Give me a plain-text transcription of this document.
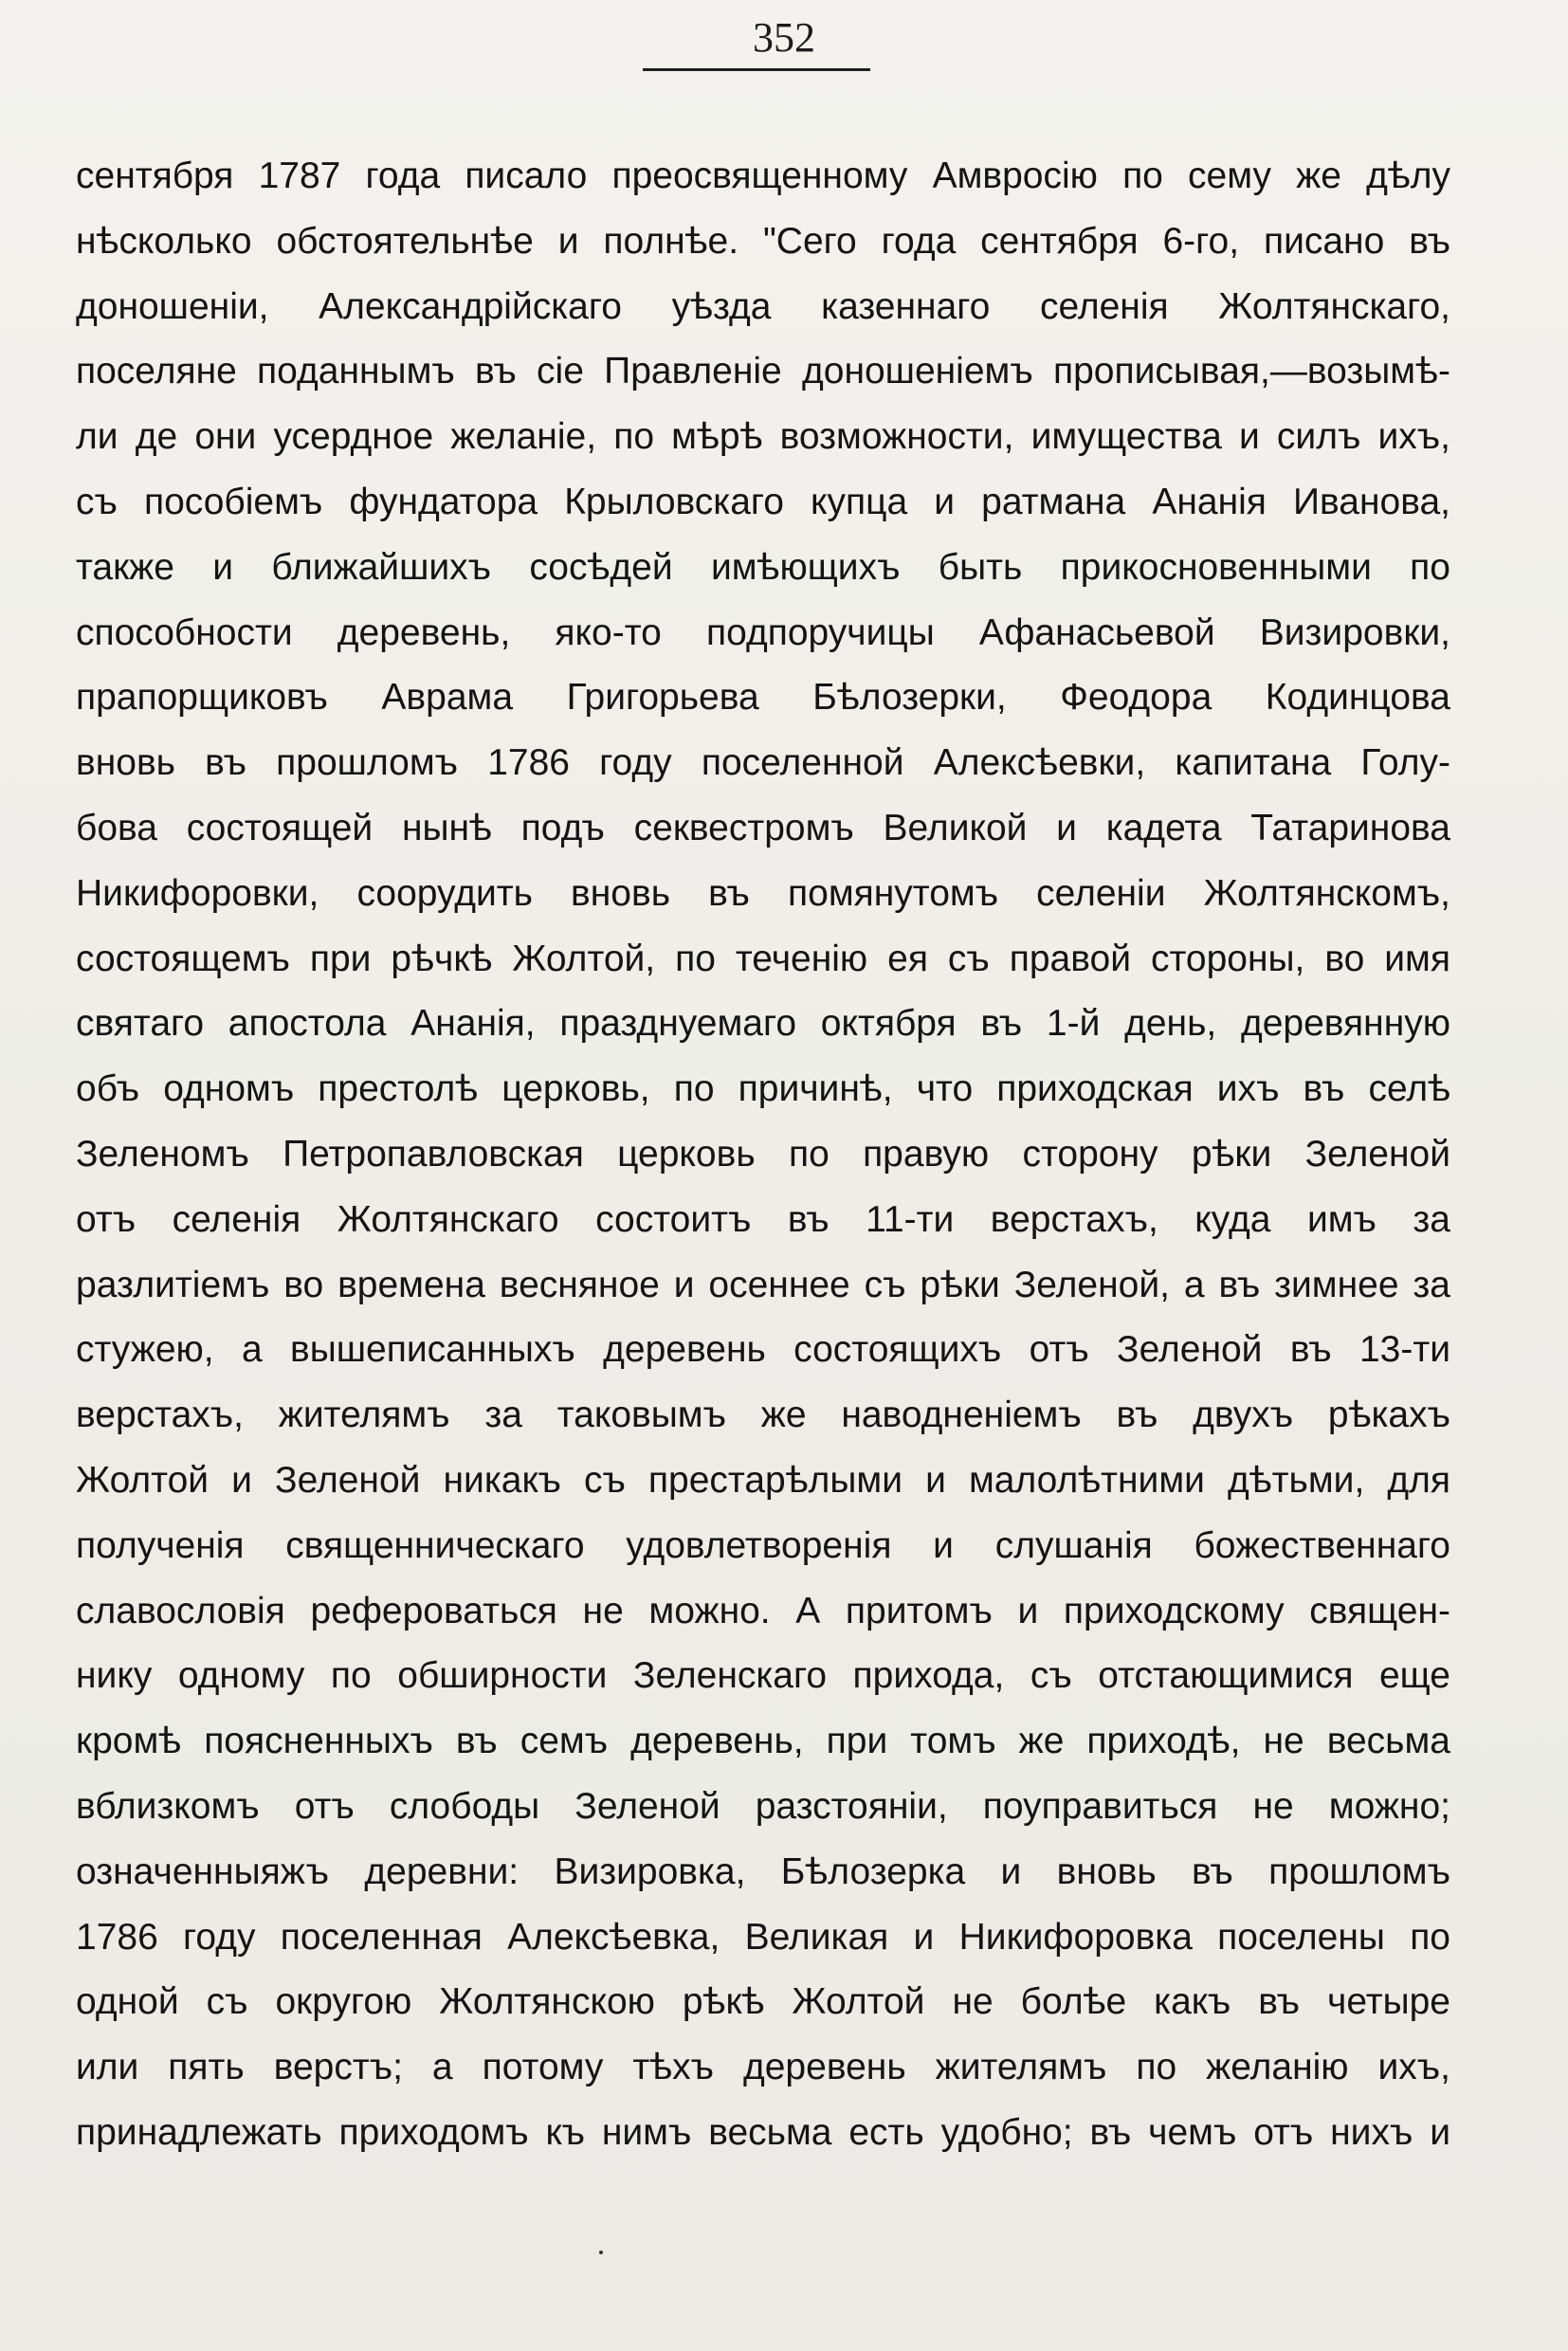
352
сентября 1787 года писало преосвященному Амвросію по сему же дѣлу
нѣсколько обстоятельнѣе и полнѣе. "Сего года сентября 6-го, писано въ
доношеніи, Александрійскаго уѣзда казеннаго селенія Жолтянскаго,
поселяне поданнымъ въ сіе Правленіе доношеніемъ прописывая,—возымѣ-
ли де они усердное желаніе, по мѣрѣ возможности, имущества и силъ ихъ,
съ пособіемъ фундатора Крыловскаго купца и ратмана Ананія Иванова,
также и ближайшихъ сосѣдей имѣющихъ быть прикосновенными по
способности деревень, яко-то подпоручицы Афанасьевой Визировки,
прапорщиковъ Аврама Григорьева Бѣлозерки, Феодора Кодинцова
вновь въ прошломъ 1786 году поселенной Алексѣевки, капитана Голу-
бова состоящей нынѣ подъ секвестромъ Великой и кадета Татаринова
Никифоровки, соорудить вновь въ помянутомъ селеніи Жолтянскомъ,
состоящемъ при рѣчкѣ Жолтой, по теченію ея съ правой стороны, во имя
святаго апостола Ананія, празднуемаго октября въ 1-й день, деревянную
объ одномъ престолѣ церковь, по причинѣ, что приходская ихъ въ селѣ
Зеленомъ Петропавловская церковь по правую сторону рѣки Зеленой
отъ селенія Жолтянскаго состоитъ въ 11-ти верстахъ, куда имъ за
разлитіемъ во времена весняное и осеннее съ рѣки Зеленой, а въ зимнее за
стужею, а вышеписанныхъ деревень состоящихъ отъ Зеленой въ 13-ти
верстахъ, жителямъ за таковымъ же наводненіемъ въ двухъ рѣкахъ
Жолтой и Зеленой никакъ съ престарѣлыми и малолѣтними дѣтьми, для
полученія священническаго удовлетворенія и слушанія божественнаго
славословія рефероваться не можно. А притомъ и приходскому священ-
нику одному по обширности Зеленскаго прихода, съ отстающимися еще
кромѣ поясненныхъ въ семъ деревень, при томъ же приходѣ, не весьма
вблизкомъ отъ слободы Зеленой разстояніи, поуправиться не можно;
означенныяжъ деревни: Визировка, Бѣлозерка и вновь въ прошломъ
1786 году поселенная Алексѣевка, Великая и Никифоровка поселены по
одной съ округою Жолтянскою рѣкѣ Жолтой не болѣе какъ въ четыре
или пять верстъ; а потому тѣхъ деревень жителямъ по желанію ихъ,
принадлежать приходомъ къ нимъ весьма есть удобно; въ чемъ отъ нихъ и
